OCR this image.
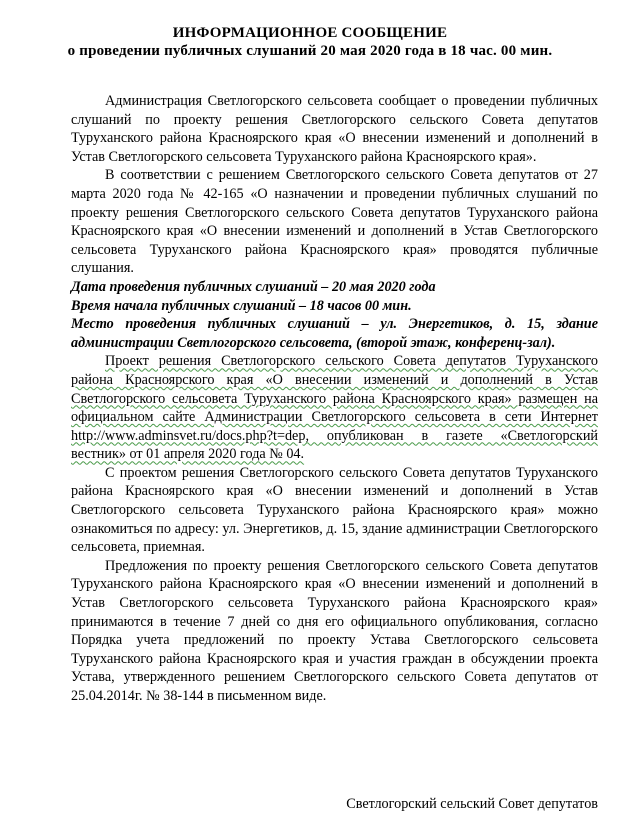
ИНФОРМАЦИОННОЕ СООБЩЕНИЕ
о проведении публичных слушаний 20 мая 2020 года в 18 час. 00 мин.

Администрация Светлогорского сельсовета сообщает о проведении публичных слушаний по проекту решения Светлогорского сельского Совета депутатов Туруханского района Красноярского края «О внесении изменений и дополнений в Устав Светлогорского сельсовета Туруханского района Красноярского края».

В соответствии с решением Светлогорского сельского Совета депутатов от 27 марта 2020 года № 42-165 «О назначении и проведении публичных слушаний по проекту решения Светлогорского сельского Совета депутатов Туруханского района Красноярского края «О внесении изменений и дополнений в Устав Светлогорского сельсовета Туруханского района Красноярского края» проводятся публичные слушания.

Дата проведения публичных слушаний – 20 мая 2020 года

Время начала публичных слушаний – 18 часов 00 мин.

Место проведения публичных слушаний – ул. Энергетиков, д. 15, здание администрации Светлогорского сельсовета, (второй этаж, конференц-зал).

Проект решения Светлогорского сельского Совета депутатов Туруханского района Красноярского края «О внесении изменений и дополнений в Устав Светлогорского сельсовета Туруханского района Красноярского края» размещен на официальном сайте Администрации Светлогорского сельсовета в сети Интернет http://www.adminsvet.ru/docs.php?t=dep, опубликован в газете «Светлогорский вестник» от 01 апреля 2020 года № 04.

С проектом решения Светлогорского сельского Совета депутатов Туруханского района Красноярского края «О внесении изменений и дополнений в Устав Светлогорского сельсовета Туруханского района Красноярского края» можно ознакомиться по адресу: ул. Энергетиков, д. 15, здание администрации Светлогорского сельсовета, приемная.

Предложения по проекту решения Светлогорского сельского Совета депутатов Туруханского района Красноярского края «О внесении изменений и дополнений в Устав Светлогорского сельсовета Туруханского района Красноярского края» принимаются в течение 7 дней со дня его официального опубликования, согласно Порядка учета предложений по проекту Устава Светлогорского сельсовета Туруханского района Красноярского края и участия граждан в обсуждении проекта Устава, утвержденного решением Светлогорского сельского Совета депутатов от 25.04.2014г. № 38-144 в письменном виде.

Светлогорский сельский Совет депутатов
